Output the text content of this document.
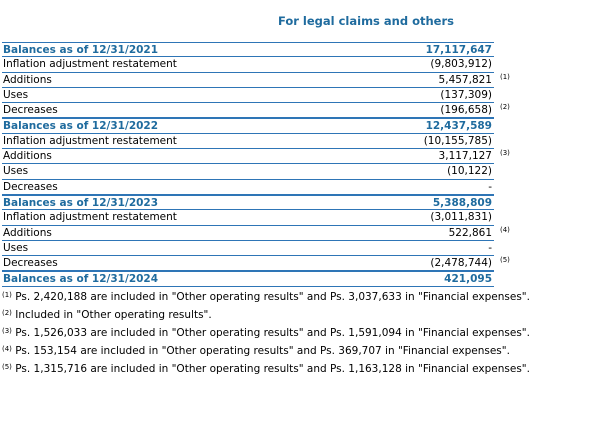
For legal claims and others
Balances as of 12/31/2021	17,117,647
Inflation adjustment restatement	(9,803,912)
Additions	5,457,821 (1)
Uses	(137,309)
Decreases	(196,658) (2)
Balances as of 12/31/2022	12,437,589
Inflation adjustment restatement	(10,155,785)
Additions	3,117,127 (3)
Uses	(10,122)
Decreases	-
Balances as of 12/31/2023	5,388,809
Inflation adjustment restatement	(3,011,831)
Additions	522,861 (4)
Uses	-
Decreases	(2,478,744) (5)
Balances as of 12/31/2024	421,095
$^{(1)}$ Ps. 2,420,188 are included in "Other operating results" and Ps. 3,037,633 in "Financial expenses".
$^{(2)}$ Included in "Other operating results".
$^{(3)}$ Ps. 1,526,033 are included in "Other operating results" and Ps. 1,591,094 in "Financial expenses".
$^{(4)}$ Ps. 153,154 are included in "Other operating results" and Ps. 369,707 in "Financial expenses".
$^{(5)}$ Ps. 1,315,716 are included in "Other operating results" and Ps. 1,163,128 in "Financial expenses".
